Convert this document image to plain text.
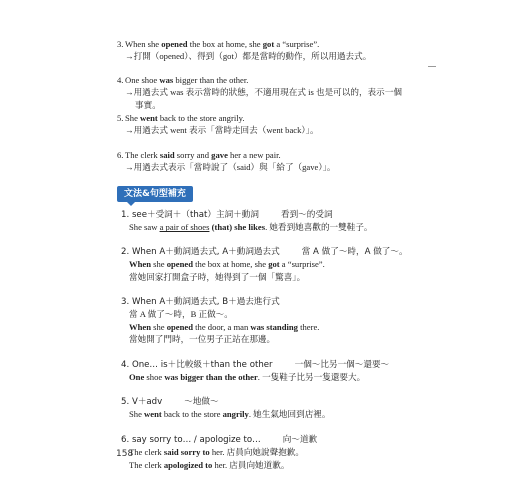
3. When she opened the box at home, she got a “surprise”.
→打開（opened）、得到（got）都是當時的動作，所以用過去式。
4. One shoe was bigger than the other.
→用過去式 was 表示當時的狀態，不適用現在式 is 也是可以的，表示一個
事實。
5. She went back to the store angrily.
→用過去式 went 表示「當時走回去（went back）」。
6. The clerk said sorry and gave her a new pair.
→用過去式表示「當時說了（said）與「給了（gave）」。
文法&句型補充
1. see＋受詞＋（that）主詞＋動詞	看到～的受詞
She saw a pair of shoes (that) she likes. 她看到她喜歡的一雙鞋子。
2. When A＋動詞過去式, A＋動詞過去式	當 A 做了～時，A 做了～。
When she opened the box at home, she got a “surprise”.
當她回家打開盒子時，她得到了一個「驚喜」。
3. When A＋動詞過去式, B＋過去進行式
當 A 做了～時，B 正做～。
When she opened the door, a man was standing there.
當她開了門時，一位男子正站在那邊。
4. One… is＋比較級＋than the other	一個～比另一個～還要～
One shoe was bigger than the other. 一隻鞋子比另一隻還要大。
5. V＋adv	～地做～
She went back to the store angrily. 她生氣地回到店裡。
6. say sorry to… / apologize to…	向～道歉
The clerk said sorry to her. 店員向她說聲抱歉。
The clerk apologized to her. 店員向她道歉。
158
